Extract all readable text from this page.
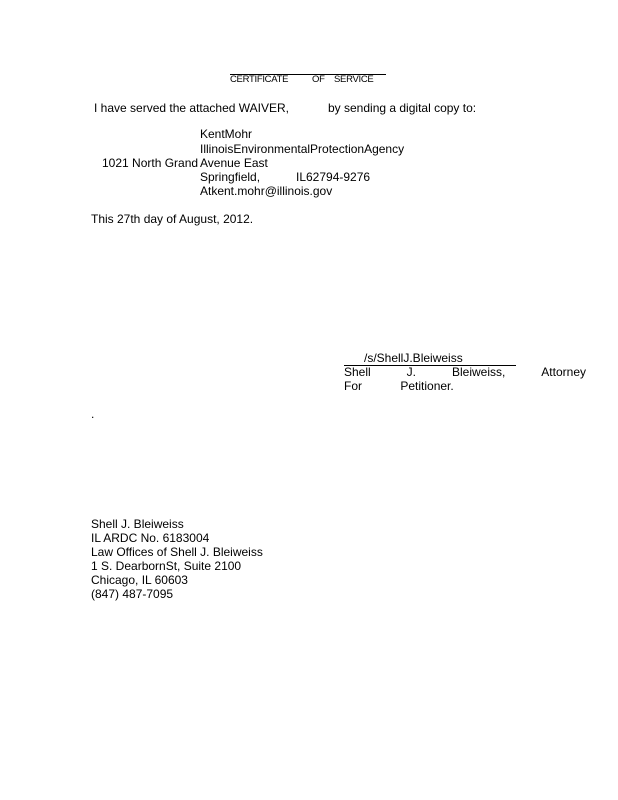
CERTIFICATE	OF SERVICE
I have served the attached WAIVER,	by sending a digital copy to:
KentMohr
IllinoisEnvironmentalProtectionAgency
1021 North Grand Avenue East
Springfield,	IL62794-9276
Atkent.mohr@illinois.gov
This 27th day of August, 2012.
/s/ShellJ.Bleiweiss
Shell	J.	Bleiweiss,	Attorney
For	Petitioner.
.
Shell J. Bleiweiss
IL ARDC No. 6183004
Law Offices of Shell J. Bleiweiss
1 S. DearbornSt, Suite 2100
Chicago, IL 60603
(847) 487-7095
